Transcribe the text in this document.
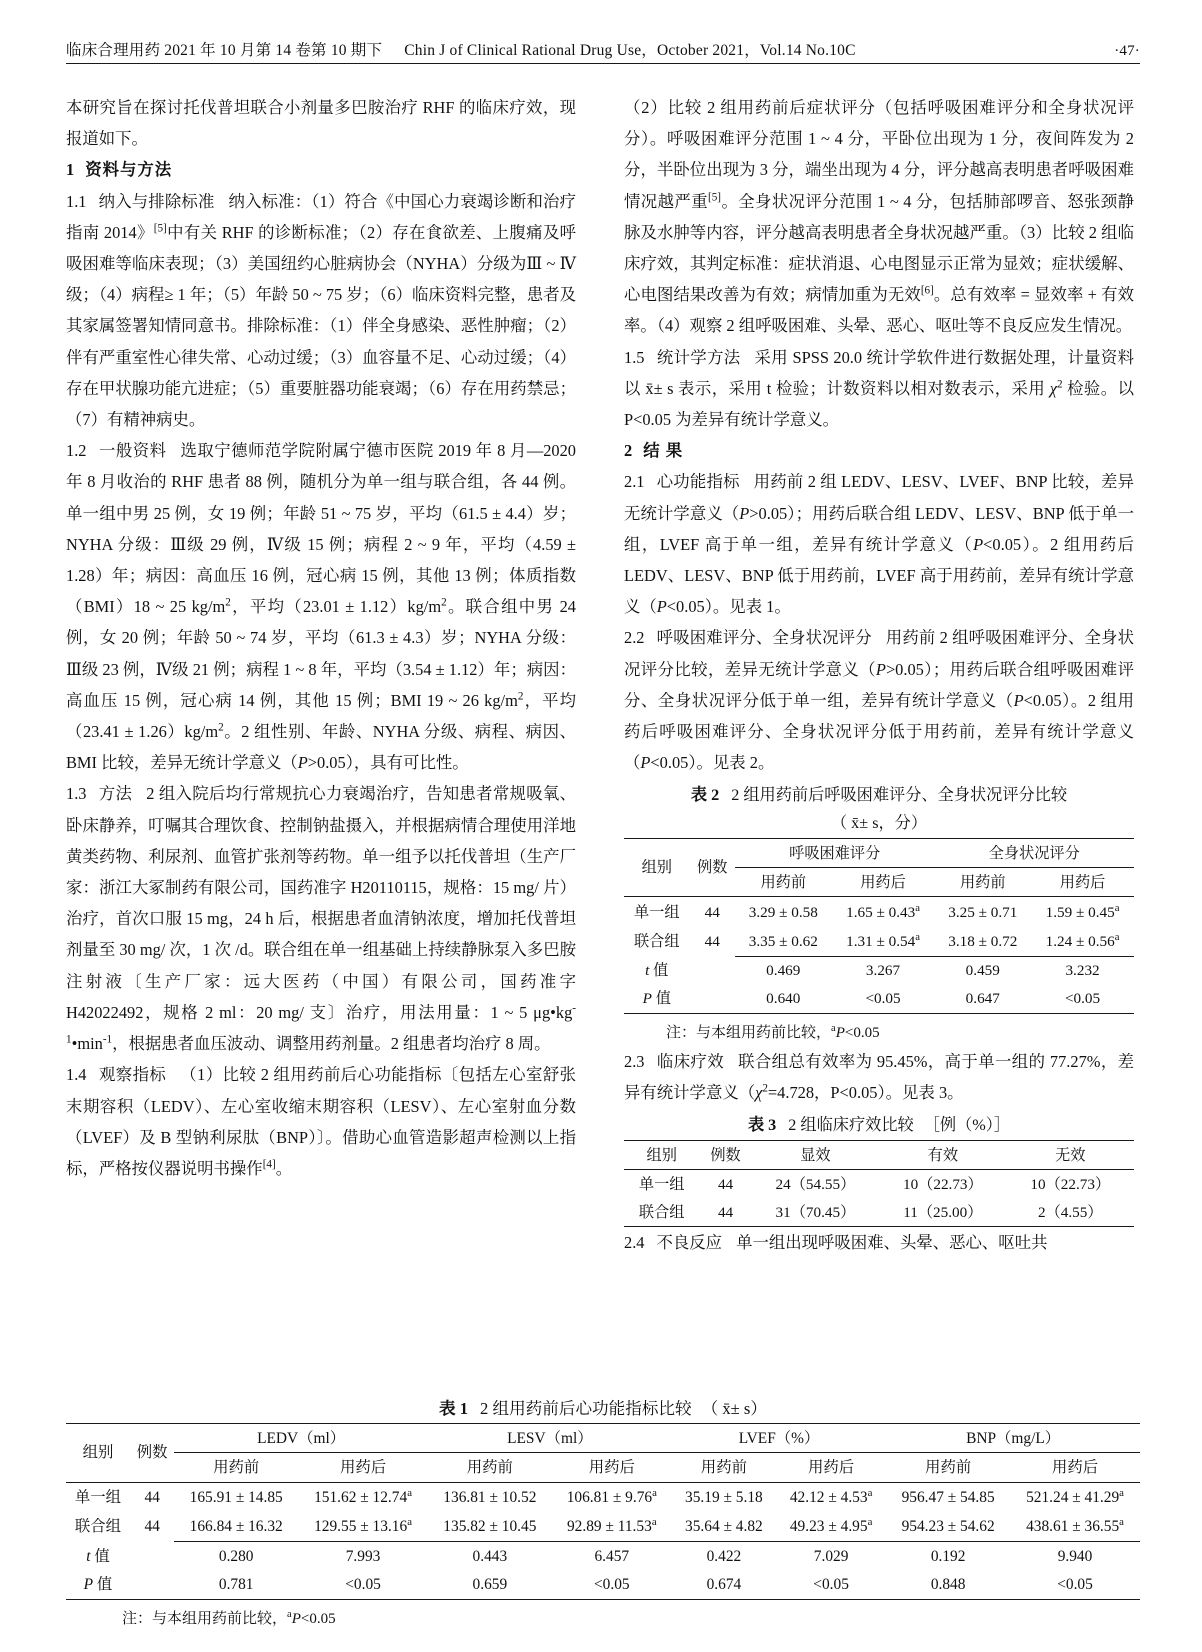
临床合理用药 2021 年 10 月第 14 卷第 10 期下 Chin J of Clinical Rational Drug Use，October 2021，Vol.14 No.10C	·47·

本研究旨在探讨托伐普坦联合小剂量多巴胺治疗 RHF 的临床疗效，现报道如下。

1 资料与方法

1.1 纳入与排除标准 纳入标准：（1）符合《中国心力衰竭诊断和治疗指南 2014》[5]中有关 RHF 的诊断标准；（2）存在食欲差、上腹痛及呼吸困难等临床表现；（3）美国纽约心脏病协会（NYHA）分级为Ⅲ ~ Ⅳ级；（4）病程≥ 1 年；（5）年龄 50 ~ 75 岁；（6）临床资料完整，患者及其家属签署知情同意书。排除标准：（1）伴全身感染、恶性肿瘤；（2）伴有严重室性心律失常、心动过缓；（3）血容量不足、心动过缓；（4）存在甲状腺功能亢进症；（5）重要脏器功能衰竭；（6）存在用药禁忌；（7）有精神病史。

1.2 一般资料 选取宁德师范学院附属宁德市医院 2019 年 8 月—2020 年 8 月收治的 RHF 患者 88 例，随机分为单一组与联合组，各 44 例。单一组中男 25 例，女 19 例；年龄 51 ~ 75 岁，平均（61.5 ± 4.4）岁；NYHA 分级：Ⅲ级 29 例，Ⅳ级 15 例；病程 2 ~ 9 年，平均（4.59 ± 1.28）年；病因：高血压 16 例，冠心病 15 例，其他 13 例；体质指数（BMI）18 ~ 25 $kg/m^2$，平均$(23.01 \pm 1.12)kg/m^2$。联合组中男 24 例，女 20 例；年龄 50 ~ 74 岁，平均（61.3 ± 4.3）岁；NYHA 分级：Ⅲ级 23 例，Ⅳ级 21 例；病程 1 ~ 8 年，平均（3.54 ± 1.12）年；病因：高血压 15 例，冠心病 14 例，其他 15 例；BMI 19 ~ 26 $kg/m^2$，平均$(23.41 \pm 1.26)kg/m^2$。2 组性别、年龄、NYHA 分级、病程、病因、BMI 比较，差异无统计学意义（P>0.05），具有可比性。

1.3 方法 2 组入院后均行常规抗心力衰竭治疗，告知患者常规吸氧、卧床静养，叮嘱其合理饮食、控制钠盐摄入，并根据病情合理使用洋地黄类药物、利尿剂、血管扩张剂等药物。单一组予以托伐普坦（生产厂家：浙江大冢制药有限公司，国药准字 H20110115，规格：15 mg/ 片）治疗，首次口服 15 mg，24 h 后，根据患者血清钠浓度，增加托伐普坦剂量至 30 mg/ 次，1 次 /d。联合组在单一组基础上持续静脉泵入多巴胺注射液〔生产厂家：远大医药（中国）有限公司，国药准字 H42022492，规格 2 ml：20 mg/ 支〕治疗，用法用量：1 ~ 5 $\mu g•kg^{-1}•\min^{-1}$，根据患者血压波动、调整用药剂量。2 组患者均治疗 8 周。

1.4 观察指标 （1）比较 2 组用药前后心功能指标〔包括左心室舒张末期容积（LEDV）、左心室收缩末期容积（LESV）、左心室射血分数（LVEF）及 B 型钠利尿肽（BNP）〕。借助心血管造影超声检测以上指标，严格按仪器说明书操作[4]。

（2）比较 2 组用药前后症状评分（包括呼吸困难评分和全身状况评分）。呼吸困难评分范围 1 ~ 4 分，平卧位出现为 1 分，夜间阵发为 2 分，半卧位出现为 3 分，端坐出现为 4 分，评分越高表明患者呼吸困难情况越严重[5]。全身状况评分范围 1 ~ 4 分，包括肺部啰音、怒张颈静脉及水肿等内容，评分越高表明患者全身状况越严重。（3）比较 2 组临床疗效，其判定标准：症状消退、心电图显示正常为显效；症状缓解、心电图结果改善为有效；病情加重为无效[6]。总有效率 = 显效率 + 有效率。（4）观察 2 组呼吸困难、头晕、恶心、呕吐等不良反应发生情况。

1.5 统计学方法 采用 SPSS 20.0 统计学软件进行数据处理，计量资料以 x̄± s 表示，采用 t 检验；计数资料以相对数表示，采用 $\chi^2$ 检验。以 P<0.05 为差异有统计学意义。

2 结 果

2.1 心功能指标 用药前 2 组 LEDV、LESV、LVEF、BNP 比较，差异无统计学意义（P>0.05）；用药后联合组 LEDV、LESV、BNP 低于单一组，LVEF 高于单一组，差异有统计学意义（P<0.05）。2 组用药后 LEDV、LESV、BNP 低于用药前，LVEF 高于用药前，差异有统计学意义（P<0.05）。见表 1。

2.2 呼吸困难评分、全身状况评分 用药前 2 组呼吸困难评分、全身状况评分比较，差异无统计学意义（P>0.05）；用药后联合组呼吸困难评分、全身状况评分低于单一组，差异有统计学意义（P<0.05）。2 组用药后呼吸困难评分、全身状况评分低于用药前，差异有统计学意义（P<0.05）。见表 2。

表 2 2 组用药前后呼吸困难评分、全身状况评分比较
（ x̄± s，分）
组别	例数	呼吸困难评分		全身状况评分	
		用药前	用药后	用药前	用药后
单一组	44	3.29 ± 0.58	1.65 ± 0.43$^a$	3.25 ± 0.71	1.59 ± 0.45$^a$
联合组	44	3.35 ± 0.62	1.31 ± 0.54$^a$	3.18 ± 0.72	1.24 ± 0.56$^a$
t 值		0.469	3.267	0.459	3.232
P 值		0.640	<0.05	0.647	<0.05
注：与本组用药前比较，$^a$P<0.05

2.3 临床疗效 联合组总有效率为 95.45%，高于单一组的 77.27%，差异有统计学意义（$\chi^2=4.728$，P<0.05）。见表 3。

表 3 2 组临床疗效比较 ［例（%）］
组别	例数	显效	有效	无效
单一组	44	24（54.55）	10（22.73）	10（22.73）
联合组	44	31（70.45）	11（25.00）	2（4.55）

2.4 不良反应 单一组出现呼吸困难、头晕、恶心、呕吐共

表 1 2 组用药前后心功能指标比较 （ x̄± s）
组别	例数	LEDV（ml）		LESV（ml）		LVEF（%）		BNP（mg/L）	
		用药前	用药后	用药前	用药后	用药前	用药后	用药前	用药后
单一组	44	165.91 ± 14.85	151.62 ± 12.74$^a$	136.81 ± 10.52	106.81 ± 9.76$^a$	35.19 ± 5.18	42.12 ± 4.53$^a$	956.47 ± 54.85	521.24 ± 41.29$^a$
联合组	44	166.84 ± 16.32	129.55 ± 13.16$^a$	135.82 ± 10.45	92.89 ± 11.53$^a$	35.64 ± 4.82	49.23 ± 4.95$^a$	954.23 ± 54.62	438.61 ± 36.55$^a$
t 值		0.280	7.993	0.443	6.457	0.422	7.029	0.192	9.940
P 值		0.781	<0.05	0.659	<0.05	0.674	<0.05	0.848	<0.05
注：与本组用药前比较，$^a$P<0.05
